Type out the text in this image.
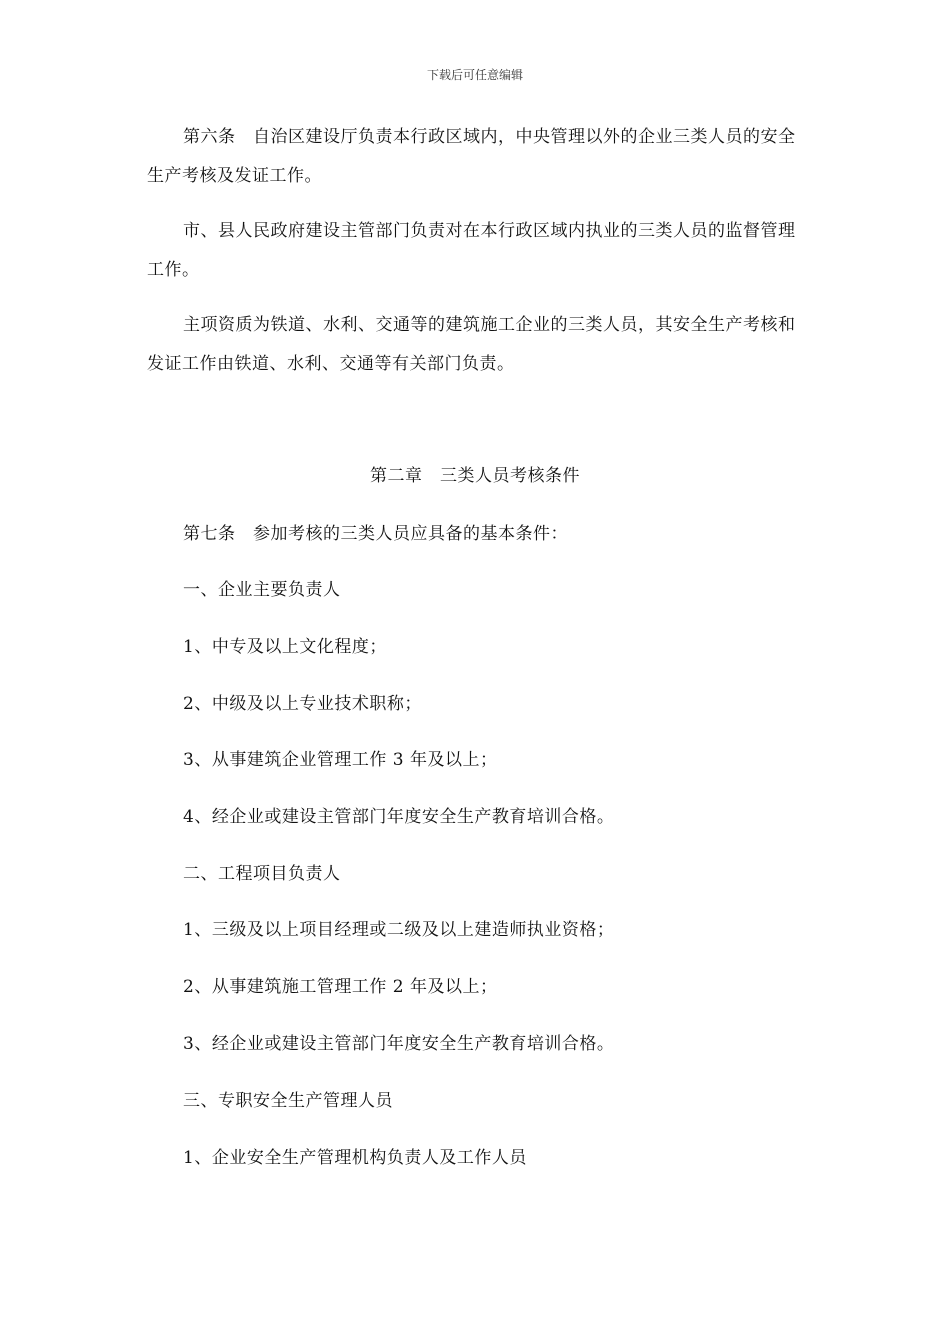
下载后可任意编辑

第六条　自治区建设厅负责本行政区域内，中央管理以外的企业三类人员的安全生产考核及发证工作。

市、县人民政府建设主管部门负责对在本行政区域内执业的三类人员的监督管理工作。

主项资质为铁道、水利、交通等的建筑施工企业的三类人员，其安全生产考核和发证工作由铁道、水利、交通等有关部门负责。

第二章　三类人员考核条件

第七条　参加考核的三类人员应具备的基本条件：

一、企业主要负责人

1、中专及以上文化程度；

2、中级及以上专业技术职称；

3、从事建筑企业管理工作 3 年及以上；

4、经企业或建设主管部门年度安全生产教育培训合格。

二、工程项目负责人

1、三级及以上项目经理或二级及以上建造师执业资格；

2、从事建筑施工管理工作 2 年及以上；

3、经企业或建设主管部门年度安全生产教育培训合格。

三、专职安全生产管理人员

1、企业安全生产管理机构负责人及工作人员
